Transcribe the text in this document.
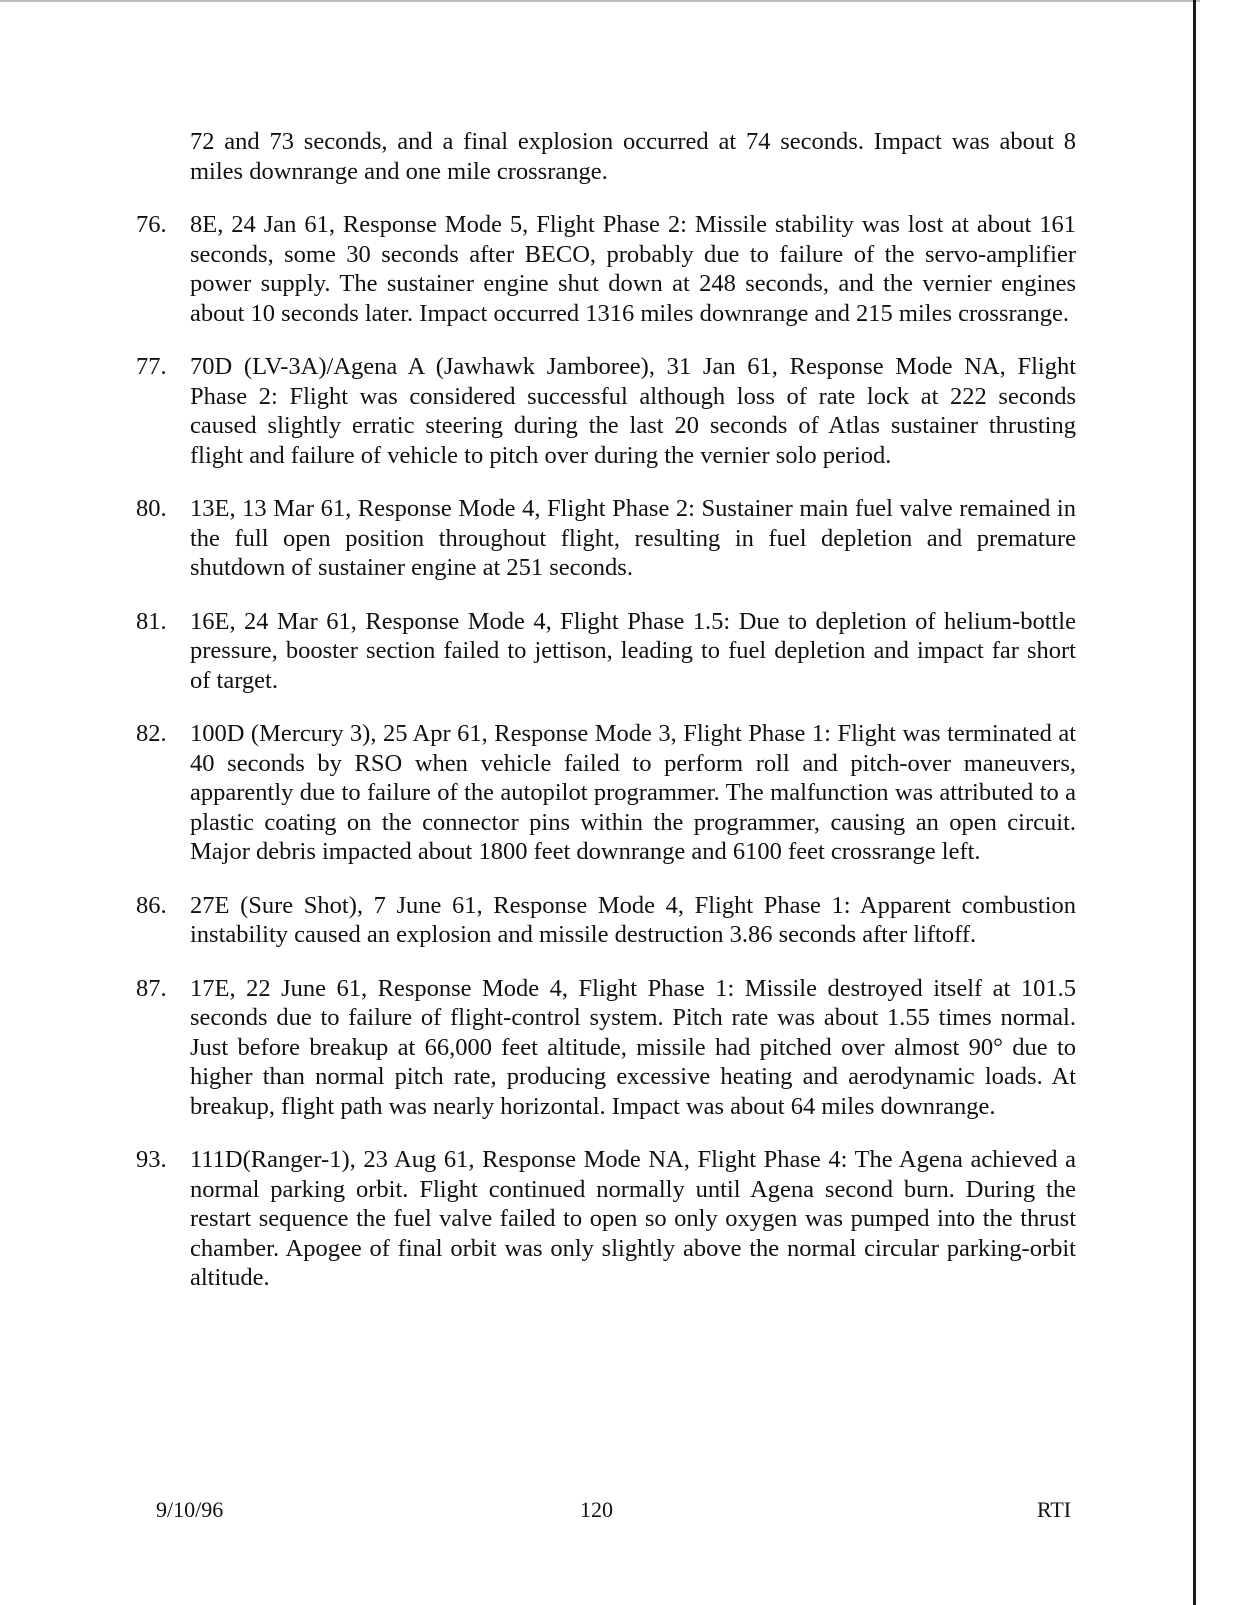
72 and 73 seconds, and a final explosion occurred at 74 seconds. Impact was about 8 miles downrange and one mile crossrange.

76. 8E, 24 Jan 61, Response Mode 5, Flight Phase 2: Missile stability was lost at about 161 seconds, some 30 seconds after BECO, probably due to failure of the servo-amplifier power supply. The sustainer engine shut down at 248 seconds, and the vernier engines about 10 seconds later. Impact occurred 1316 miles downrange and 215 miles crossrange.
77. 70D (LV-3A)/Agena A (Jawhawk Jamboree), 31 Jan 61, Response Mode NA, Flight Phase 2: Flight was considered successful although loss of rate lock at 222 seconds caused slightly erratic steering during the last 20 seconds of Atlas sustainer thrusting flight and failure of vehicle to pitch over during the vernier solo period.
80. 13E, 13 Mar 61, Response Mode 4, Flight Phase 2: Sustainer main fuel valve remained in the full open position throughout flight, resulting in fuel depletion and premature shutdown of sustainer engine at 251 seconds.
81. 16E, 24 Mar 61, Response Mode 4, Flight Phase 1.5: Due to depletion of helium-bottle pressure, booster section failed to jettison, leading to fuel depletion and impact far short of target.
82. 100D (Mercury 3), 25 Apr 61, Response Mode 3, Flight Phase 1: Flight was terminated at 40 seconds by RSO when vehicle failed to perform roll and pitch-over maneuvers, apparently due to failure of the autopilot programmer. The malfunction was attributed to a plastic coating on the connector pins within the programmer, causing an open circuit. Major debris impacted about 1800 feet downrange and 6100 feet crossrange left.
86. 27E (Sure Shot), 7 June 61, Response Mode 4, Flight Phase 1: Apparent combustion instability caused an explosion and missile destruction 3.86 seconds after liftoff.
87. 17E, 22 June 61, Response Mode 4, Flight Phase 1: Missile destroyed itself at 101.5 seconds due to failure of flight-control system. Pitch rate was about 1.55 times normal. Just before breakup at 66,000 feet altitude, missile had pitched over almost 90° due to higher than normal pitch rate, producing excessive heating and aerodynamic loads. At breakup, flight path was nearly horizontal. Impact was about 64 miles downrange.
93. 111D(Ranger-1), 23 Aug 61, Response Mode NA, Flight Phase 4: The Agena achieved a normal parking orbit. Flight continued normally until Agena second burn. During the restart sequence the fuel valve failed to open so only oxygen was pumped into the thrust chamber. Apogee of final orbit was only slightly above the normal circular parking-orbit altitude.
9/10/96	120	RTI
